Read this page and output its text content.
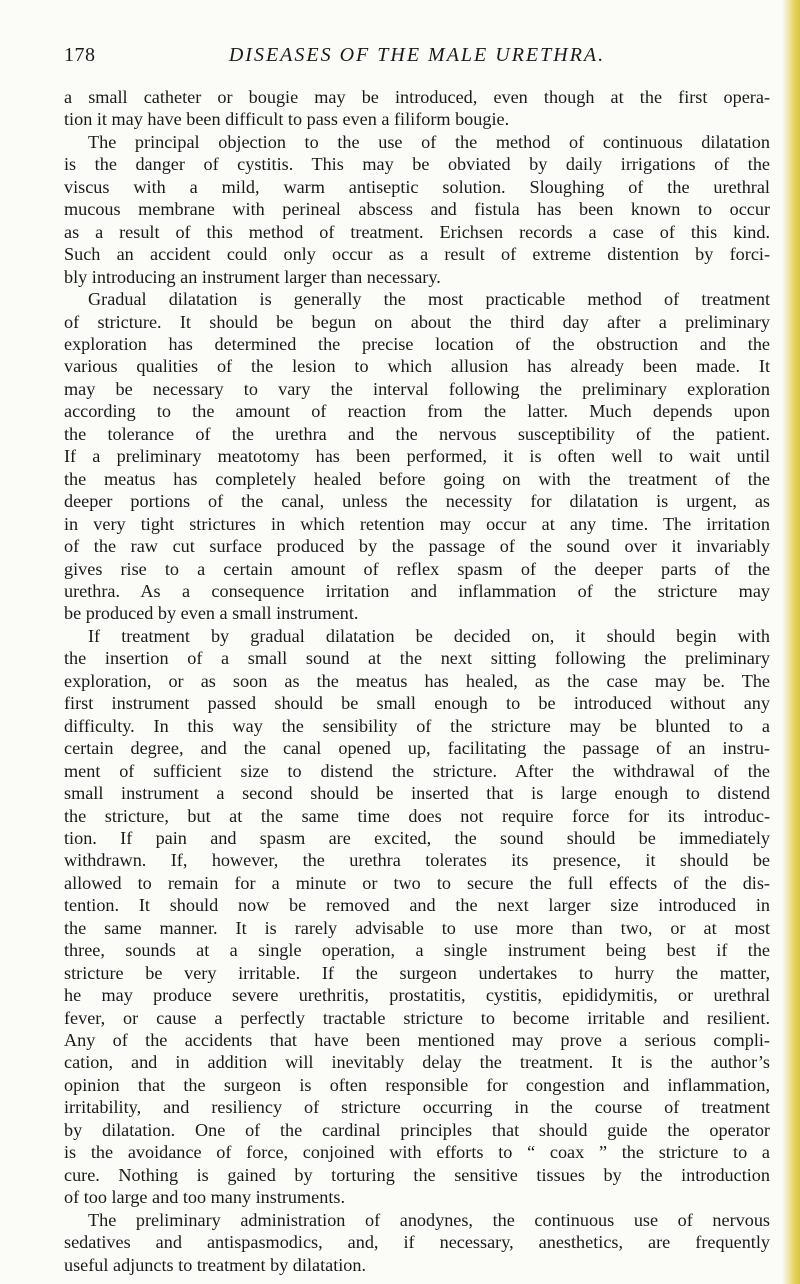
178	DISEASES OF THE MALE URETHRA.
a small catheter or bougie may be introduced, even though at the first opera-
tion it may have been difficult to pass even a filiform bougie.
The principal objection to the use of the method of continuous dilatation
is the danger of cystitis. This may be obviated by daily irrigations of the
viscus with a mild, warm antiseptic solution. Sloughing of the urethral
mucous membrane with perineal abscess and fistula has been known to occur
as a result of this method of treatment. Erichsen records a case of this kind.
Such an accident could only occur as a result of extreme distention by forci-
bly introducing an instrument larger than necessary.
Gradual dilatation is generally the most practicable method of treatment
of stricture. It should be begun on about the third day after a preliminary
exploration has determined the precise location of the obstruction and the
various qualities of the lesion to which allusion has already been made. It
may be necessary to vary the interval following the preliminary exploration
according to the amount of reaction from the latter. Much depends upon
the tolerance of the urethra and the nervous susceptibility of the patient.
If a preliminary meatotomy has been performed, it is often well to wait until
the meatus has completely healed before going on with the treatment of the
deeper portions of the canal, unless the necessity for dilatation is urgent, as
in very tight strictures in which retention may occur at any time. The irritation
of the raw cut surface produced by the passage of the sound over it invariably
gives rise to a certain amount of reflex spasm of the deeper parts of the
urethra. As a consequence irritation and inflammation of the stricture may
be produced by even a small instrument.
If treatment by gradual dilatation be decided on, it should begin with
the insertion of a small sound at the next sitting following the preliminary
exploration, or as soon as the meatus has healed, as the case may be. The
first instrument passed should be small enough to be introduced without any
difficulty. In this way the sensibility of the stricture may be blunted to a
certain degree, and the canal opened up, facilitating the passage of an instru-
ment of sufficient size to distend the stricture. After the withdrawal of the
small instrument a second should be inserted that is large enough to distend
the stricture, but at the same time does not require force for its introduc-
tion. If pain and spasm are excited, the sound should be immediately
withdrawn. If, however, the urethra tolerates its presence, it should be
allowed to remain for a minute or two to secure the full effects of the dis-
tention. It should now be removed and the next larger size introduced in
the same manner. It is rarely advisable to use more than two, or at most
three, sounds at a single operation, a single instrument being best if the
stricture be very irritable. If the surgeon undertakes to hurry the matter,
he may produce severe urethritis, prostatitis, cystitis, epididymitis, or urethral
fever, or cause a perfectly tractable stricture to become irritable and resilient.
Any of the accidents that have been mentioned may prove a serious compli-
cation, and in addition will inevitably delay the treatment. It is the author’s
opinion that the surgeon is often responsible for congestion and inflammation,
irritability, and resiliency of stricture occurring in the course of treatment
by dilatation. One of the cardinal principles that should guide the operator
is the avoidance of force, conjoined with efforts to “ coax ” the stricture to a
cure. Nothing is gained by torturing the sensitive tissues by the introduction
of too large and too many instruments.
The preliminary administration of anodynes, the continuous use of nervous
sedatives and antispasmodics, and, if necessary, anesthetics, are frequently
useful adjuncts to treatment by dilatation.
